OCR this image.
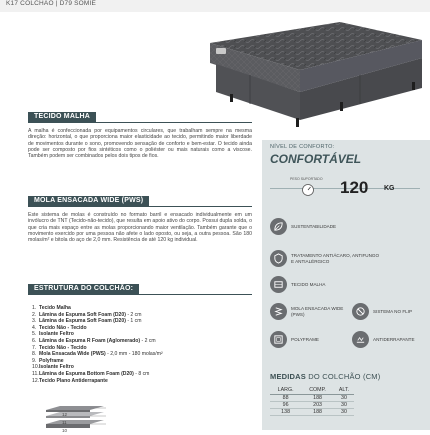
K17 COLCHÃO | D79 SOMIE
NÍVEL DE CONFORTO:
CONFORTÁVEL
PESO SUPORTADO 120 KG
SUSTENTABILIDADE
TRATAMENTO ANTIÁCARO, ANTIFUNGO E ANTIALÉRGICO
TECIDO MALHA
MOLA ENSACADA WIDE (PWS)
SISTEMA NO FLIP
POLYFRAME	ANTIDERRAPANTE
MEDIDAS DO COLCHÃO (CM)
LARG.	COMP.	ALT.
88	188	30
96	203	30
138	188	30
TECIDO MALHA
A malha é confeccionada por equipamentos circulares, que trabalham sempre na mesma direção: horizontal, o que proporciona maior elasticidade ao tecido, permitindo maior liberdade de movimentos durante o sono, promovendo sensação de conforto e bem-estar. O tecido ainda pode ser composto por fios sintéticos como o poliéster ou mais naturais como a viscose. Também podem ser combinados pelos dois tipos de fios.
MOLA ENSACADA WIDE (PWS)
Este sistema de molas é construído no formato barril e ensacado individualmente em um invólucro de TNT (Tecido-não-tecido), que resulta em apoio ativo do corpo. Possui dupla solda, o que cria mais espaço entre as molas proporcionando maior ventilação. Também garante que o movimento exercido por uma pessoa não afete o lado oposto, ou seja, a outra pessoa. São 180 molas/m² e bitola do aço de 2,0 mm. Resistência de até 120 kg individual.
ESTRUTURA DO COLCHÃO:
1. Tecido Malha
2. Lâmina de Espuma Soft Foam (D20) - 2 cm
3. Lâmina de Espuma Soft Foam (D20) - 1 cm
4. Tecido Não - Tecido
5. Isolante Feltro
6. Lâmina de Espuma R Foam (Aglomerado) - 2 cm
7. Tecido Não - Tecido
8. Mola Ensacada Wide (PWS) - 2,0 mm - 180 molas/m²
9. Polyframe
10.Isolante Feltro
11.Lâmina de Espuma Bottom Foam (D20) - 8 cm
12.Tecido Plano Antiderrapante
12
11
10
